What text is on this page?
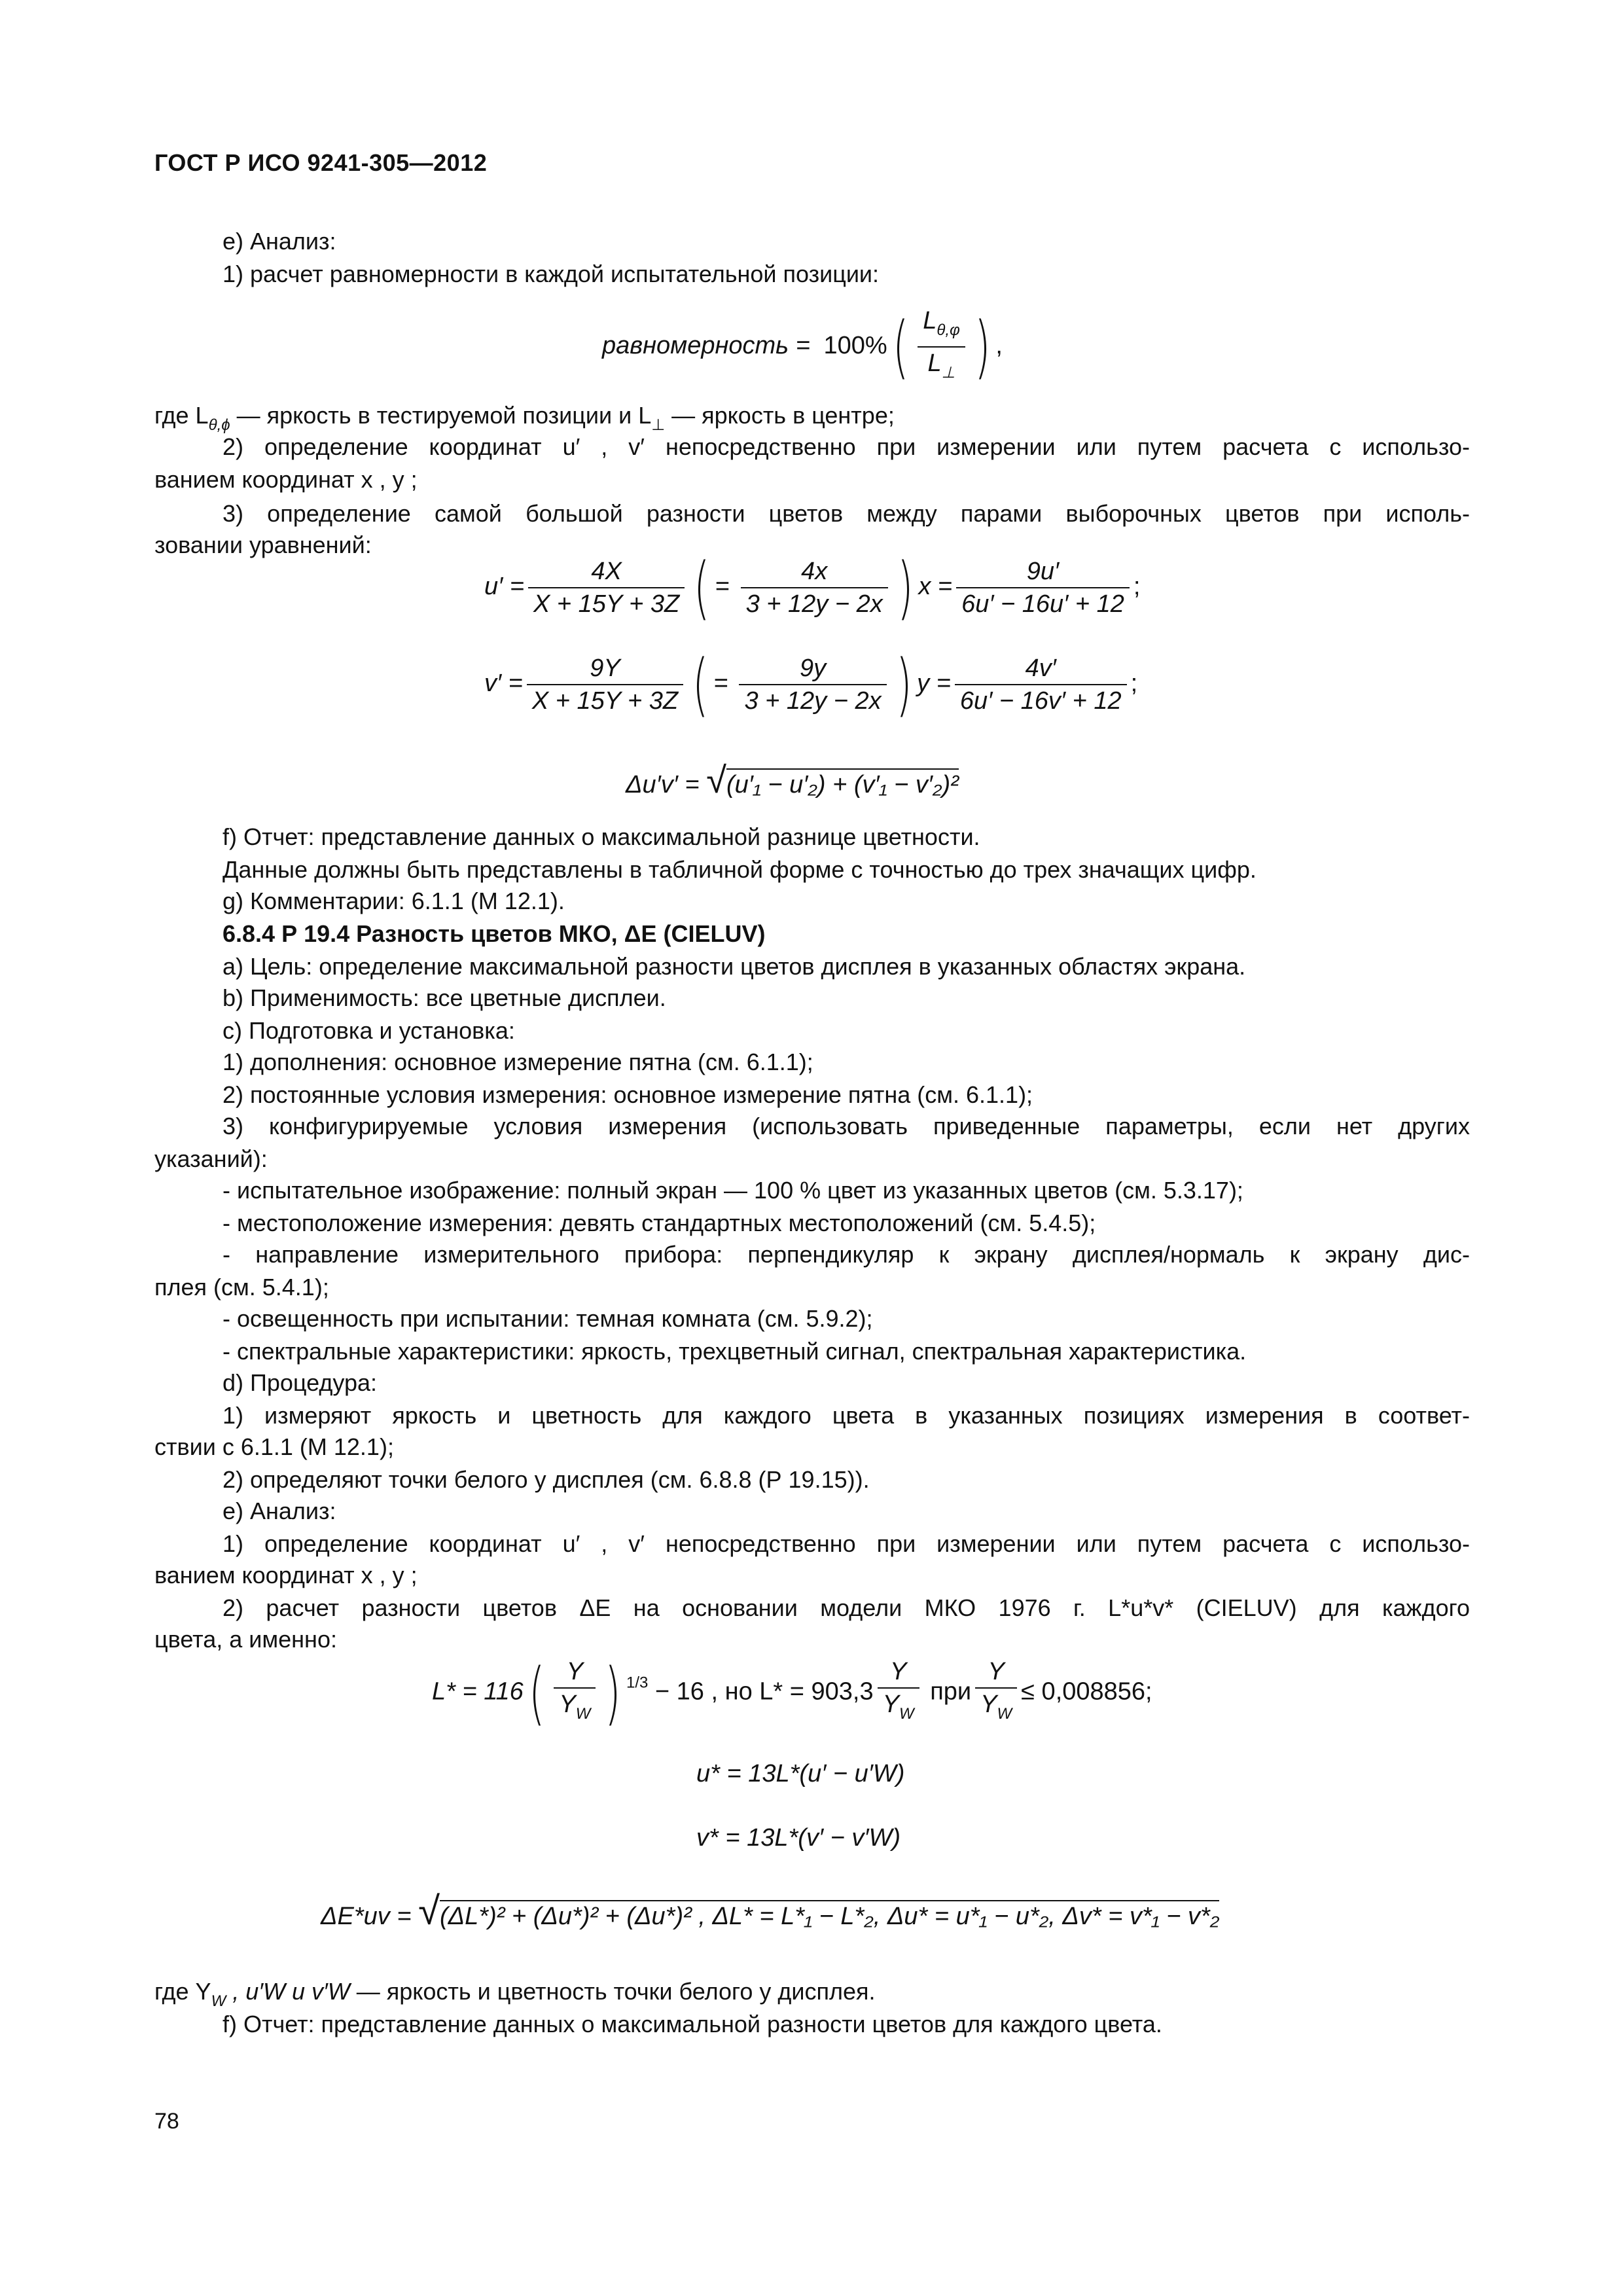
ГОСТ Р ИСО 9241-305—2012
e) Анализ:
1) расчет равномерности в каждой испытательной позиции:
равномерность = $100\%( \frac{L_{\theta,\varphi}}{L_\perp}$ ) ,
где $L_{\theta,\phi}$ — яркость в тестируемой позиции и $L_\perp$ — яркость в центре;
2) определение координат u′ , v′ непосредственно при измерении или путем расчета с использо-
ванием координат x , y ;
3) определение самой большой разности цветов между парами выборочных цветов при исполь-
зовании уравнений:
$u' = \frac{4X}{X + 15Y + 3Z}$ ( = $\frac{4x}{3 + 12y - 2x}$ ) $x = \frac{9u'}{6u' - 16u' + 12}$ ;
$v' = \frac{9Y}{X + 15Y + 3Z}$ ( = $\frac{9y}{3 + 12y - 2x}$ ) $y = \frac{4v'}{6u' - 16v' + 12}$ ;
Δu′v′ = √(u′₁ − u′₂) + (v′₁ − v′₂)²
f) Отчет: представление данных о максимальной разнице цветности.
Данные должны быть представлены в табличной форме с точностью до трех значащих цифр.
g) Комментарии: 6.1.1 (М 12.1).
6.8.4 Р 19.4 Разность цветов МКО, ΔE (CIELUV)
a) Цель: определение максимальной разности цветов дисплея в указанных областях экрана.
b) Применимость: все цветные дисплеи.
c) Подготовка и установка:
1) дополнения: основное измерение пятна (см. 6.1.1);
2) постоянные условия измерения: основное измерение пятна (см. 6.1.1);
3) конфигурируемые условия измерения (использовать приведенные параметры, если нет других
указаний):
- испытательное изображение: полный экран — 100 % цвет из указанных цветов (см. 5.3.17);
- местоположение измерения: девять стандартных местоположений (см. 5.4.5);
- направление измерительного прибора: перпендикуляр к экрану дисплея/нормаль к экрану дис-
плея (см. 5.4.1);
- освещенность при испытании: темная комната (см. 5.9.2);
- спектральные характеристики: яркость, трехцветный сигнал, спектральная характеристика.
d) Процедура:
1) измеряют яркость и цветность для каждого цвета в указанных позициях измерения в соответ-
ствии с 6.1.1 (М 12.1);
2) определяют точки белого у дисплея (см. 6.8.8 (Р 19.15)).
e) Анализ:
1) определение координат u′ , v′ непосредственно при измерении или путем расчета с использо-
ванием координат x , y ;
2) расчет разности цветов ΔE на основании модели МКО 1976 г. L*u*v* (CIELUV) для каждого
цвета, а именно:
$L* = 116( \frac{Y}{Y_W}$ ) $^{1/3}$ − 16 , но $L* = 903,3 \frac{Y}{Y_W}$ при $\frac{Y}{Y_W} \le 0,008856$;
u* = 13L*(u′ − u′W)
v* = 13L*(v′ − v′W)
ΔE*uv = √(ΔL*)² + (Δu*)² + (Δu*)² , ΔL* = L*₁ − L*₂, Δu* = u*₁ − u*₂, Δv* = v*₁ − v*₂
где $Y_W$ , u′W и v′W — яркость и цветность точки белого у дисплея.
f) Отчет: представление данных о максимальной разности цветов для каждого цвета.
78
